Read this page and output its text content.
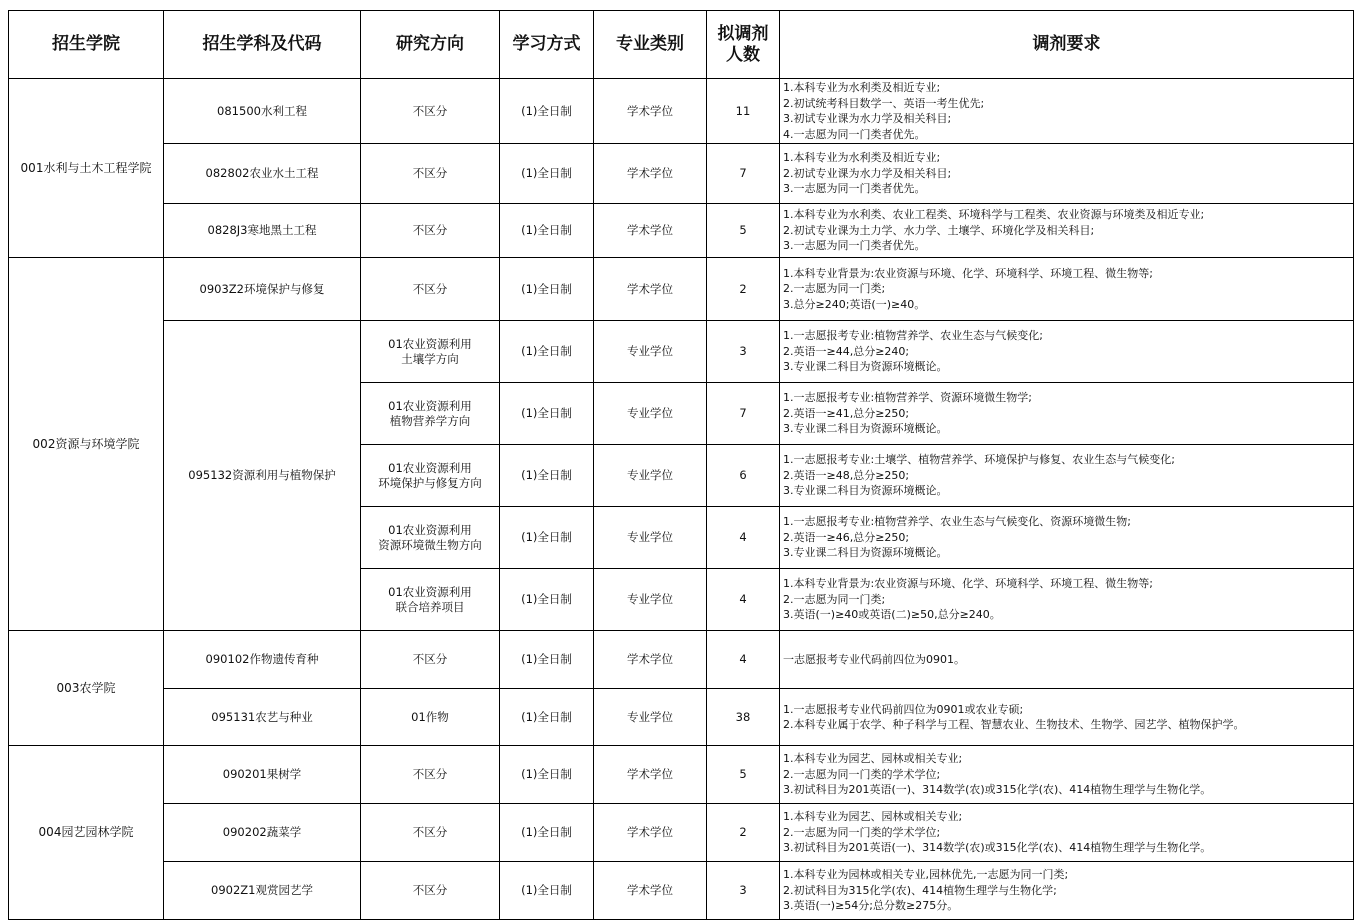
招生学院	招生学科及代码	研究方向	学习方式	专业类别	拟调剂
人数	调剂要求
001水利与土木工程学院	081500水利工程	不区分	(1)全日制	学术学位	11	1.本科专业为水利类及相近专业;
2.初试统考科目数学一、英语一考生优先;
3.初试专业课为水力学及相关科目;
4.一志愿为同一门类者优先。

	082802农业水土工程	不区分	(1)全日制	学术学位	7	1.本科专业为水利类及相近专业;
2.初试专业课为水力学及相关科目;
3.一志愿为同一门类者优先。

	0828J3寒地黑土工程	不区分	(1)全日制	学术学位	5	1.本科专业为水利类、农业工程类、环境科学与工程类、农业资源与环境类及相近专业;
2.初试专业课为土力学、水力学、土壤学、环境化学及相关科目;
3.一志愿为同一门类者优先。

002资源与环境学院	0903Z2环境保护与修复	不区分	(1)全日制	学术学位	2	1.本科专业背景为:农业资源与环境、化学、环境科学、环境工程、微生物等;
2.一志愿为同一门类;
3.总分≥240;英语(一)≥40。

	095132资源利用与植物保护	01农业资源利用
土壤学方向	(1)全日制	专业学位	3	1.一志愿报考专业:植物营养学、农业生态与气候变化;
2.英语一≥44,总分≥240;
3.专业课二科目为资源环境概论。

		01农业资源利用
植物营养学方向	(1)全日制	专业学位	7	1.一志愿报考专业:植物营养学、资源环境微生物学;
2.英语一≥41,总分≥250;
3.专业课二科目为资源环境概论。

		01农业资源利用
环境保护与修复方向	(1)全日制	专业学位	6	1.一志愿报考专业:土壤学、植物营养学、环境保护与修复、农业生态与气候变化;
2.英语一≥48,总分≥250;
3.专业课二科目为资源环境概论。

		01农业资源利用
资源环境微生物方向	(1)全日制	专业学位	4	1.一志愿报考专业:植物营养学、农业生态与气候变化、资源环境微生物;
2.英语一≥46,总分≥250;
3.专业课二科目为资源环境概论。

		01农业资源利用
联合培养项目	(1)全日制	专业学位	4	1.本科专业背景为:农业资源与环境、化学、环境科学、环境工程、微生物等;
2.一志愿为同一门类;
3.英语(一)≥40或英语(二)≥50,总分≥240。

003农学院	090102作物遗传育种	不区分	(1)全日制	学术学位	4	一志愿报考专业代码前四位为0901。

	095131农艺与种业	01作物	(1)全日制	专业学位	38	1.一志愿报考专业代码前四位为0901或农业专硕;
2.本科专业属于农学、种子科学与工程、智慧农业、生物技术、生物学、园艺学、植物保护学。

004园艺园林学院	090201果树学	不区分	(1)全日制	学术学位	5	1.本科专业为园艺、园林或相关专业;
2.一志愿为同一门类的学术学位;
3.初试科目为201英语(一)、314数学(农)或315化学(农)、414植物生理学与生物化学。

	090202蔬菜学	不区分	(1)全日制	学术学位	2	1.本科专业为园艺、园林或相关专业;
2.一志愿为同一门类的学术学位;
3.初试科目为201英语(一)、314数学(农)或315化学(农)、414植物生理学与生物化学。

	0902Z1观赏园艺学	不区分	(1)全日制	学术学位	3	1.本科专业为园林或相关专业,园林优先,一志愿为同一门类;
2.初试科目为315化学(农)、414植物生理学与生物化学;
3.英语(一)≥54分;总分数≥275分。
